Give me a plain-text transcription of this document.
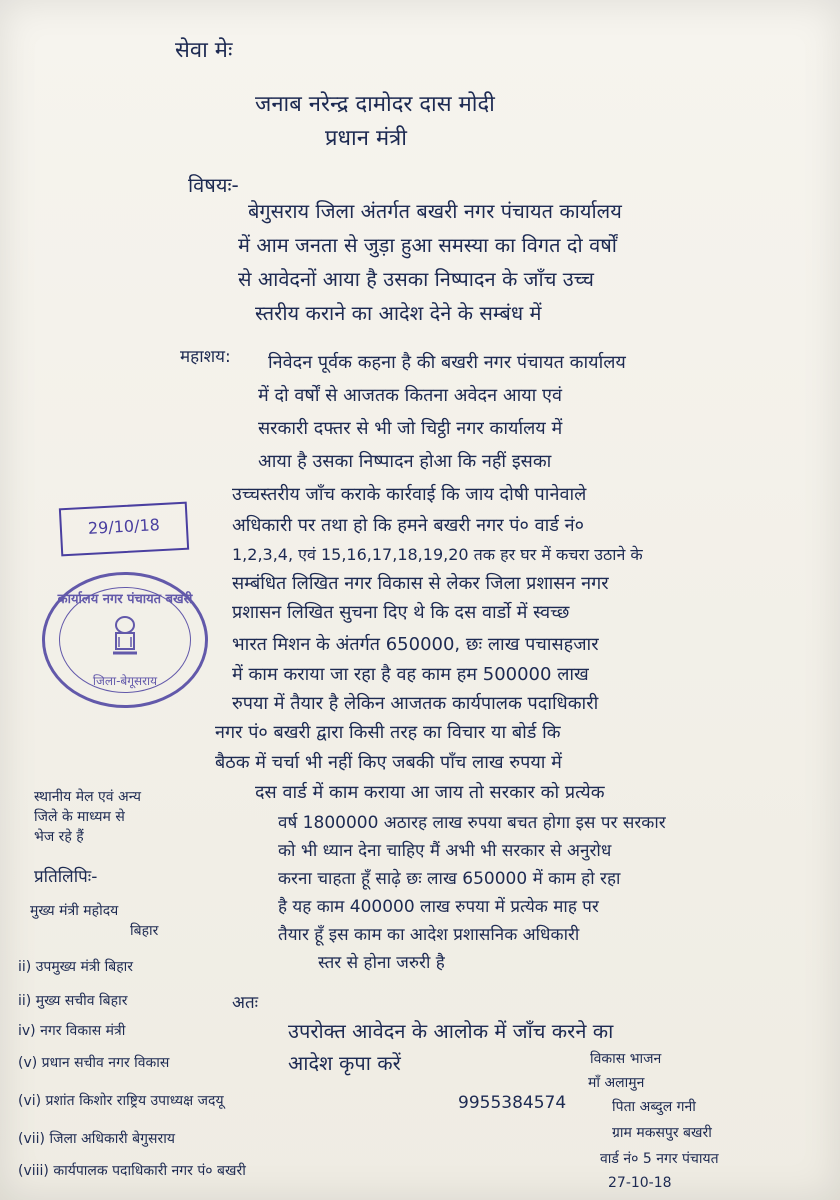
सेवा मेः
जनाब नरेन्द्र दामोदर दास मोदी
प्रधान मंत्री
विषयः-
बेगुसराय जिला अंतर्गत बखरी नगर पंचायत कार्यालय
में आम जनता से जुड़ा हुआ समस्या का विगत दो वर्षों
से आवेदनों आया है उसका निष्पादन के जाँच उच्च
स्तरीय कराने का आदेश देने के सम्बंध में
महाशय: निवेदन पूर्वक कहना है की बखरी नगर पंचायत कार्यालय
में दो वर्षों से आजतक कितना अवेदन आया एवं
सरकारी दफ्तर से भी जो चिट्ठी नगर कार्यालय में
आया है उसका निष्पादन होआ कि नहीं इसका
उच्चस्तरीय जाँच कराके कार्रवाई कि जाय दोषी पानेवाले
अधिकारी पर तथा हो कि हमने बखरी नगर पं० वार्ड नं०
1,2,3,4, एवं 15,16,17,18,19,20 तक हर घर में कचरा उठाने के
सम्बंधित लिखित नगर विकास से लेकर जिला प्रशासन नगर
प्रशासन लिखित सुचना दिए थे कि दस वार्डो में स्वच्छ
भारत मिशन के अंतर्गत 650000, छः लाख पचासहजार
में काम कराया जा रहा है वह काम हम 500000 लाख
रुपया में तैयार है लेकिन आजतक कार्यपालक पदाधिकारी
नगर पं० बखरी द्वारा किसी तरह का विचार या बोर्ड कि
बैठक में चर्चा भी नहीं किए जबकी पाँच लाख रुपया में
दस वार्ड में काम कराया आ जाय तो सरकार को प्रत्येक
वर्ष 1800000 अठारह लाख रुपया बचत होगा इस पर सरकार
को भी ध्यान देना चाहिए मैं अभी भी सरकार से अनुरोध
करना चाहता हूँ साढ़े छः लाख 650000 में काम हो रहा
है यह काम 400000 लाख रुपया में प्रत्येक माह पर
तैयार हूँ इस काम का आदेश प्रशासनिक अधिकारी
स्तर से होना जरुरी है
स्थानीय मेल एवं अन्य
जिले के माध्यम से
भेज रहे हैं
प्रतिलिपिः-
मुख्य मंत्री महोदय
बिहार
ii) उपमुख्य मंत्री बिहार
ii) मुख्य सचीव बिहार
iv) नगर विकास मंत्री
(v) प्रधान सचीव नगर विकास
(vi) प्रशांत किशोर राष्ट्रिय उपाध्यक्ष जदयू
(vii) जिला अधिकारी बेगुसराय
(viii) कार्यपालक पदाधिकारी नगर पं० बखरी
अतः
उपरोक्त आवेदन के आलोक में जाँच करने का
आदेश कृपा करें	विकास भाजन
माँ अलामुन
पिता अब्दुल गनी
ग्राम मकसपुर बखरी
वार्ड नं० 5 नगर पंचायत
9955384574
27-10-18
29/10/18
कार्यालय नगर पंचायत बखरी
जिला-बेगूसराय
